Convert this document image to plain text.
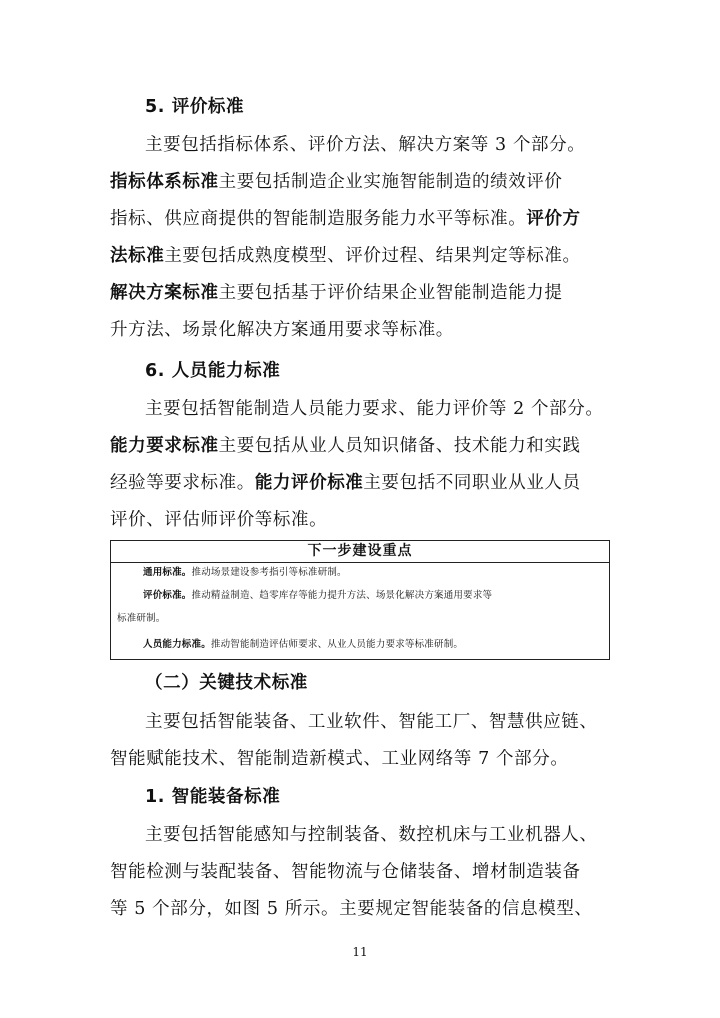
5. 评价标准
主要包括指标体系、评价方法、解决方案等 3 个部分。
指标体系标准主要包括制造企业实施智能制造的绩效评价
指标、供应商提供的智能制造服务能力水平等标准。评价方
法标准主要包括成熟度模型、评价过程、结果判定等标准。
解决方案标准主要包括基于评价结果企业智能制造能力提
升方法、场景化解决方案通用要求等标准。
6. 人员能力标准
主要包括智能制造人员能力要求、能力评价等 2 个部分。
能力要求标准主要包括从业人员知识储备、技术能力和实践
经验等要求标准。能力评价标准主要包括不同职业从业人员
评价、评估师评价等标准。
下一步建设重点
通用标准。推动场景建设参考指引等标准研制。
评价标准。推动精益制造、趋零库存等能力提升方法、场景化解决方案通用要求等
标准研制。
人员能力标准。推动智能制造评估师要求、从业人员能力要求等标准研制。
（二）关键技术标准
主要包括智能装备、工业软件、智能工厂、智慧供应链、
智能赋能技术、智能制造新模式、工业网络等 7 个部分。
1. 智能装备标准
主要包括智能感知与控制装备、数控机床与工业机器人、
智能检测与装配装备、智能物流与仓储装备、增材制造装备
等 5 个部分，如图 5 所示。主要规定智能装备的信息模型、
11
